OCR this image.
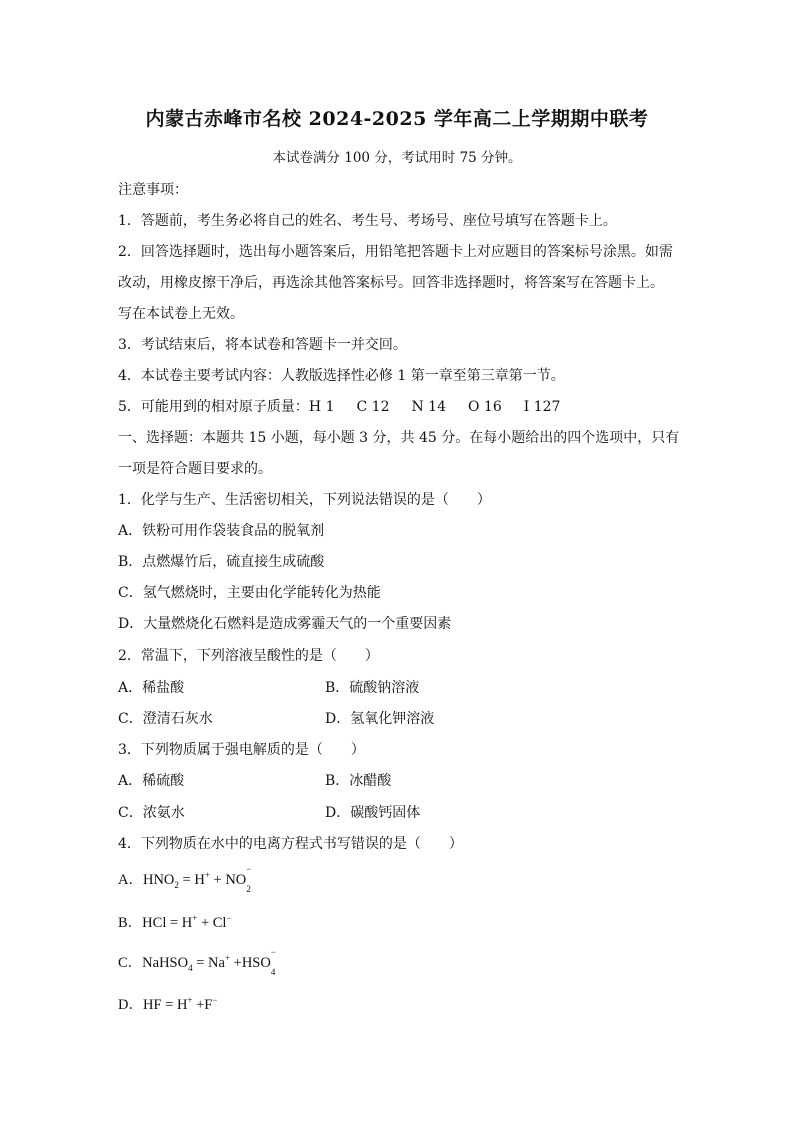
内蒙古赤峰市名校 2024-2025 学年高二上学期期中联考
本试卷满分 100 分，考试用时 75 分钟。
注意事项：
1．答题前，考生务必将自己的姓名、考生号、考场号、座位号填写在答题卡上。
2．回答选择题时，选出每小题答案后，用铅笔把答题卡上对应题目的答案标号涂黑。如需
改动，用橡皮擦干净后，再选涂其他答案标号。回答非选择题时，将答案写在答题卡上。
写在本试卷上无效。
3．考试结束后，将本试卷和答题卡一并交回。
4．本试卷主要考试内容：人教版选择性必修 1 第一章至第三章第一节。
5．可能用到的相对原子质量：H 1 C 12 N 14 O 16 I 127
一、选择题：本题共 15 小题，每小题 3 分，共 45 分。在每小题给出的四个选项中，只有
一项是符合题目要求的。
1．化学与生产、生活密切相关，下列说法错误的是（　　）
A．铁粉可用作袋装食品的脱氧剂
B．点燃爆竹后，硫直接生成硫酸
C．氢气燃烧时，主要由化学能转化为热能
D．大量燃烧化石燃料是造成雾霾天气的一个重要因素
2．常温下，下列溶液呈酸性的是（　　）
A．稀盐酸	B．硫酸钠溶液
C．澄清石灰水	D．氢氧化钾溶液
3．下列物质属于强电解质的是（　　）
A．稀硫酸	B．冰醋酸
C．浓氨水	D．碳酸钙固体
4．下列物质在水中的电离方程式书写错误的是（　　）
A．$HNO_2 = H^+ + NO^-_2$
B．HCl = H+ + Cl−
C．NaHSO$_4$ = $Na^+ +HSO^-_4$
D．HF = H+ +F−
